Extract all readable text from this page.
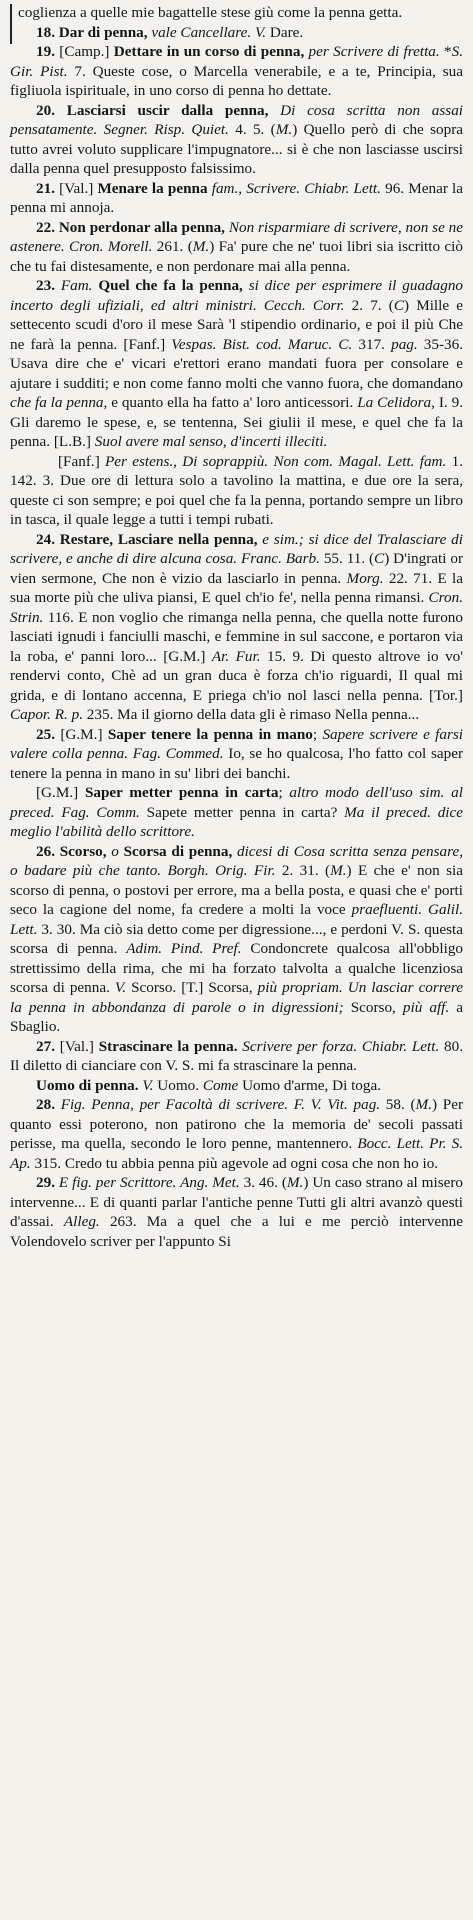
coglienza a quelle mie bagattelle stese giù come la penna getta.

18. Dar di penna, vale Cancellare. V. Dare.

19. [Camp.] Dettare in un corso di penna, per Scrivere di fretta. *S. Gir. Pist. 7. Queste cose, o Marcella venerabile, e a te, Principia, sua figliuola ispirituale, in uno corso di penna ho dettate.

20. Lasciarsi uscir dalla penna, Di cosa scritta non assai pensatamente. Segner. Risp. Quiet. 4. 5. (M.) Quello però di che sopra tutto avrei voluto supplicare l'impugnatore... si è che non lasciasse uscirsi dalla penna quel presupposto falsissimo.

21. [Val.] Menare la penna fam., Scrivere. Chiabr. Lett. 96. Menar la penna mi annoja.

22. Non perdonar alla penna, Non risparmiare di scrivere, non se ne astenere. Cron. Morell. 261. (M.) Fa' pure che ne' tuoi libri sia iscritto ciò che tu fai distesamente, e non perdonare mai alla penna.

23. Fam. Quel che fa la penna, si dice per esprimere il guadagno incerto degli ufiziali, ed altri ministri. Cecch. Corr. 2. 7. (C) Mille e settecento scudi d'oro il mese Sarà 'l stipendio ordinario, e poi il più Che ne farà la penna. [Fanf.] Vespas. Bist. cod. Maruc. C. 317. pag. 35-36. Usava dire che e' vicari e'rettori erano mandati fuora per consolare e ajutare i sudditi; e non come fanno molti che vanno fuora, che domandano che fa la penna, e quanto ella ha fatto a' loro anticessori. La Celidora, I. 9. Gli daremo le spese, e, se tentenna, Sei giulii il mese, e quel che fa la penna. [L.B.] Suol avere mal senso, d'incerti illeciti.

[Fanf.] Per estens., Di soprappiù. Non com. Magal. Lett. fam. 1. 142. 3. Due ore di lettura solo a tavolino la mattina, e due ore la sera, queste ci son sempre; e poi quel che fa la penna, portando sempre un libro in tasca, il quale legge a tutti i tempi rubati.

24. Restare, Lasciare nella penna, e sim.; si dice del Tralasciare di scrivere, e anche di dire alcuna cosa. Franc. Barb. 55. 11. (C) D'ingrati or vien sermone, Che non è vizio da lasciarlo in penna. Morg. 22. 71. E la sua morte più che uliva piansi, E quel ch'io fe', nella penna rimansi. Cron. Strin. 116. E non voglio che rimanga nella penna, che quella notte furono lasciati ignudi i fanciulli maschi, e femmine in sul saccone, e portaron via la roba, e' panni loro... [G.M.] Ar. Fur. 15. 9. Di questo altrove io vo' rendervi conto, Chè ad un gran duca è forza ch'io riguardi, Il qual mi grida, e di lontano accenna, E priega ch'io nol lasci nella penna. [Tor.] Capor. R. p. 235. Ma il giorno della data gli è rimaso Nella penna...

25. [G.M.] Saper tenere la penna in mano; Sapere scrivere e farsi valere colla penna. Fag. Commed. Io, se ho qualcosa, l'ho fatto col saper tenere la penna in mano in su' libri dei banchi.

[G.M.] Saper metter penna in carta; altro modo dell'uso sim. al preced. Fag. Comm. Sapete metter penna in carta? Ma il preced. dice meglio l'abilità dello scrittore.

26. Scorso, o Scorsa di penna, dicesi di Cosa scritta senza pensare, o badare più che tanto. Borgh. Orig. Fir. 2. 31. (M.) E che e' non sia scorso di penna, o postovi per errore, ma a bella posta, e quasi che e' porti seco la cagione del nome, fa credere a molti la voce praefluenti. Galil. Lett. 3. 30. Ma ciò sia detto come per digressione..., e perdoni V. S. questa scorsa di penna. Adim. Pind. Pref. Condoncrete qualcosa all'obbligo strettissimo della rima, che mi ha forzato talvolta a qualche licenziosa scorsa di penna. V. Scorso. [T.] Scorsa, più propriam. Un lasciar correre la penna in abbondanza di parole o in digressioni; Scorso, più aff. a Sbaglio.

27. [Val.] Strascinare la penna. Scrivere per forza. Chiabr. Lett. 80. Il diletto di cianciare con V. S. mi fa strascinare la penna.

Uomo di penna. V. Uomo. Come Uomo d'arme, Di toga.

28. Fig. Penna, per Facoltà di scrivere. F. V. Vit. pag. 58. (M.) Per quanto essi poterono, non patirono che la memoria de' secoli passati perisse, ma quella, secondo le loro penne, mantennero. Bocc. Lett. Pr. S. Ap. 315. Credo tu abbia penna più agevole ad ogni cosa che non ho io.

29. E fig. per Scrittore. Ang. Met. 3. 46. (M.) Un caso strano al misero intervenne... E di quanti parlar l'antiche penne Tutti gli altri avanzò questi d'assai. Alleg. 263. Ma a quel che a lui e me perciò intervenne Volendovelo scriver per l'appunto Si
